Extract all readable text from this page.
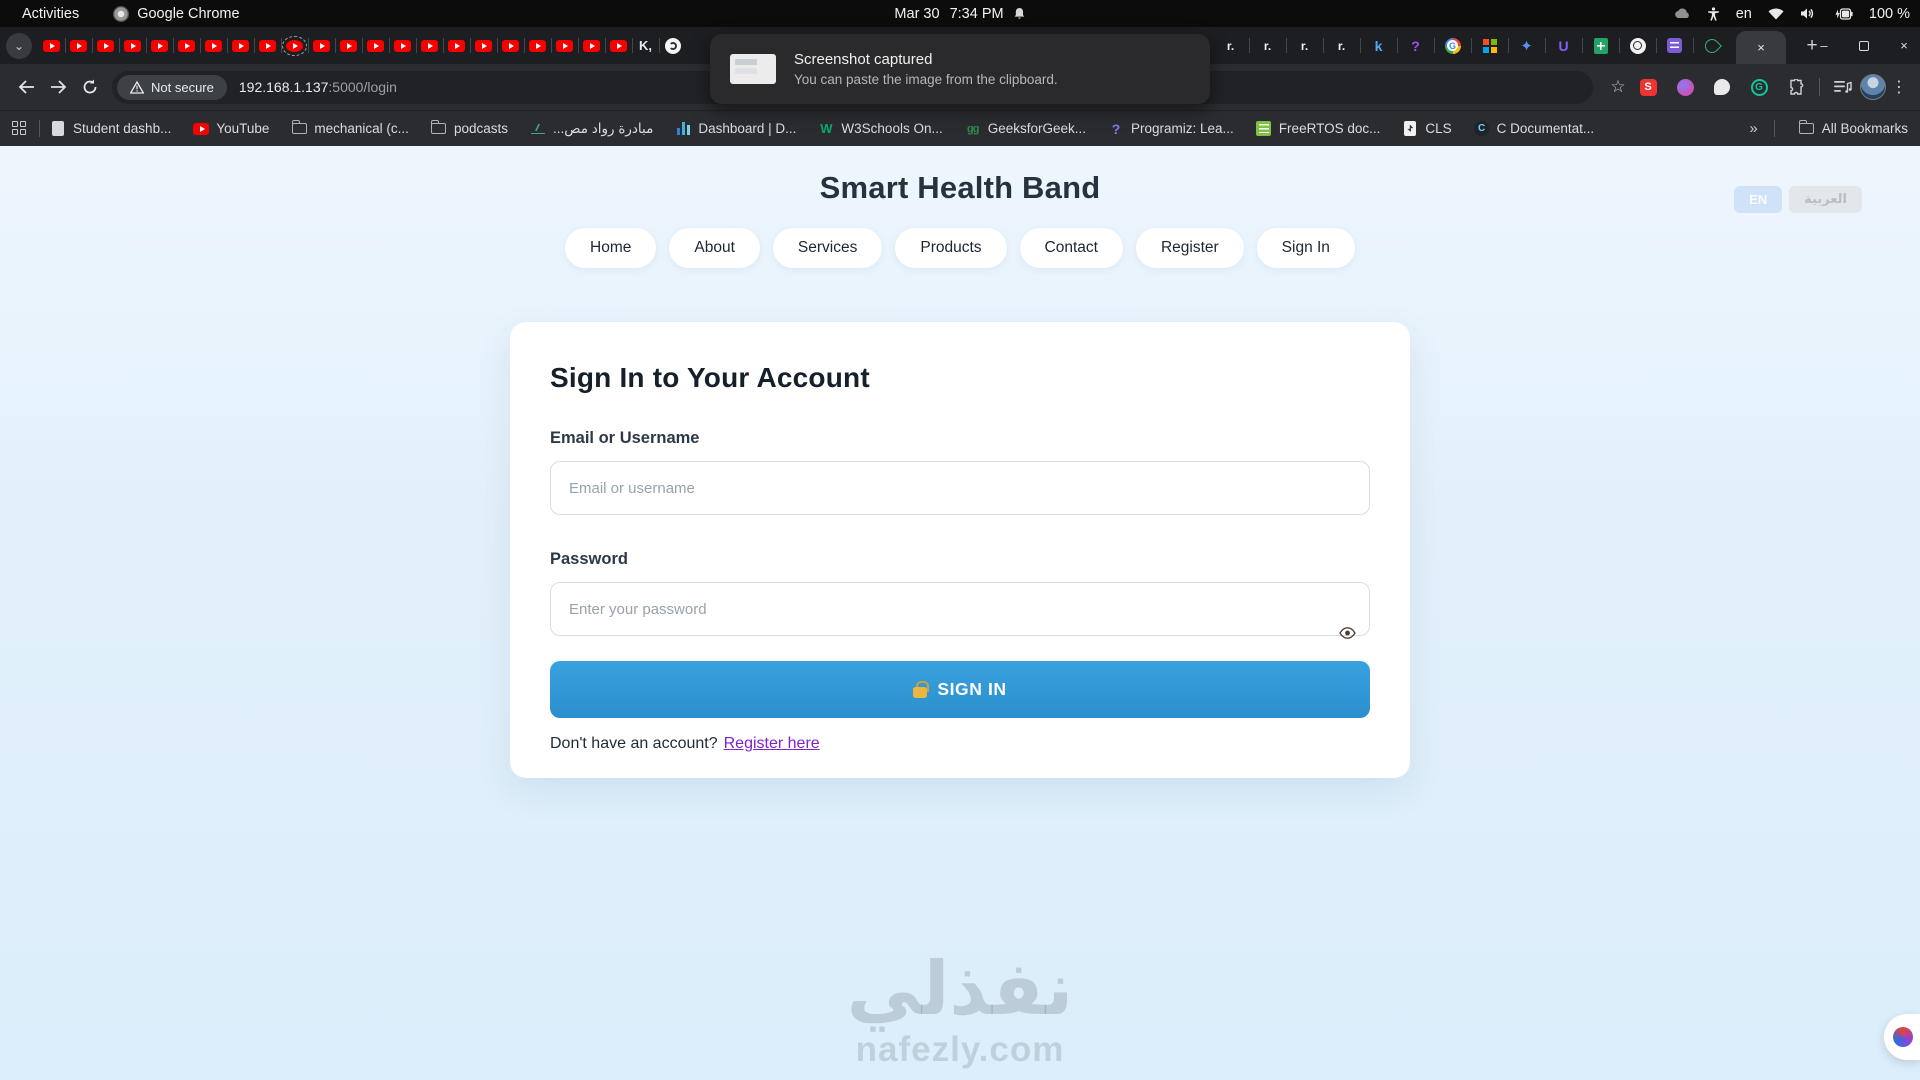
Activities	Google Chrome	Mar 30 7:34 PM	en	100 %
⌄	K,	r. r. r. r. k ? G	✦ U	×	+ –	×
Screenshot captured
You can paste the image from the clipboard.
Not secure 192.168.1.137:5000/login	☆	S	G	⋮
Student dashb...	YouTube	mechanical (c...	podcasts	...مبادرة رواد مص	Dashboard | D... W W3Schools On... gg GeeksforGeek... ? Programiz: Lea...	FreeRTOS doc...	CLS	C C Documentat...	»	All Bookmarks
Smart Health Band	EN	العربية
Home	About	Services	Products	Contact	Register	Sign In
Sign In to Your Account
Email or Username
Email or username
Password
SIGN IN
Don't have an account? Register here
نفذلي
nafezly.com
